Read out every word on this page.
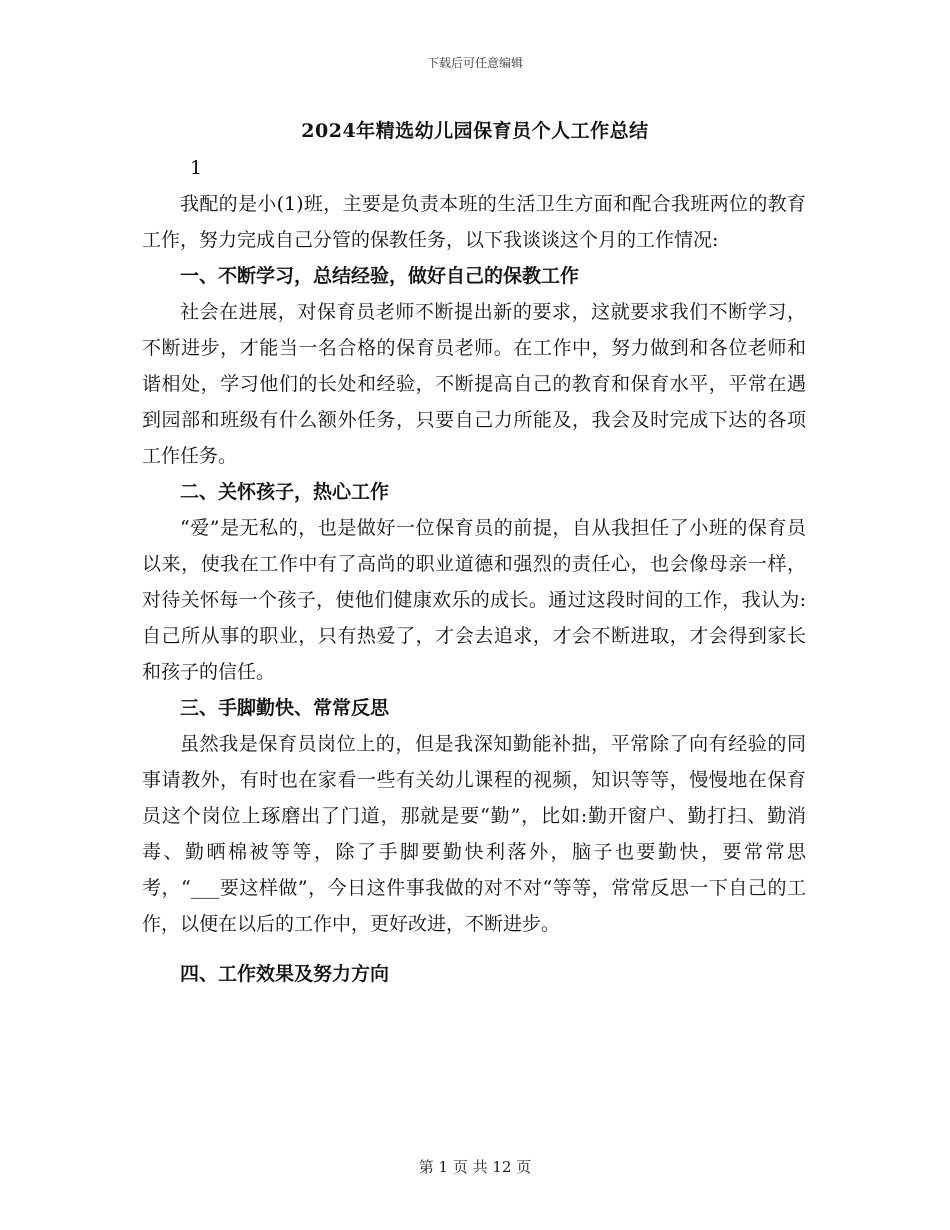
下载后可任意编辑
2024年精选幼儿园保育员个人工作总结

1

我配的是小(1)班，主要是负责本班的生活卫生方面和配合我班两位的教育工作，努力完成自己分管的保教任务，以下我谈谈这个月的工作情况:

一、不断学习，总结经验，做好自己的保教工作

社会在进展，对保育员老师不断提出新的要求，这就要求我们不断学习，不断进步，才能当一名合格的保育员老师。在工作中，努力做到和各位老师和谐相处，学习他们的长处和经验，不断提高自己的教育和保育水平，平常在遇到园部和班级有什么额外任务，只要自己力所能及，我会及时完成下达的各项工作任务。

二、关怀孩子，热心工作

“爱”是无私的，也是做好一位保育员的前提，自从我担任了小班的保育员以来，使我在工作中有了高尚的职业道德和强烈的责任心，也会像母亲一样，对待关怀每一个孩子，使他们健康欢乐的成长。通过这段时间的工作，我认为:自己所从事的职业，只有热爱了，才会去追求，才会不断进取，才会得到家长和孩子的信任。

三、手脚勤快、常常反思

虽然我是保育员岗位上的，但是我深知勤能补拙，平常除了向有经验的同事请教外，有时也在家看一些有关幼儿课程的视频，知识等等，慢慢地在保育员这个岗位上琢磨出了门道，那就是要“勤”，比如:勤开窗户、勤打扫、勤消毒、勤晒棉被等等，除了手脚要勤快利落外，脑子也要勤快，要常常思考，“___要这样做”，今日这件事我做的对不对“等等，常常反思一下自己的工作，以便在以后的工作中，更好改进，不断进步。

四、工作效果及努力方向

第 1 页 共 12 页
